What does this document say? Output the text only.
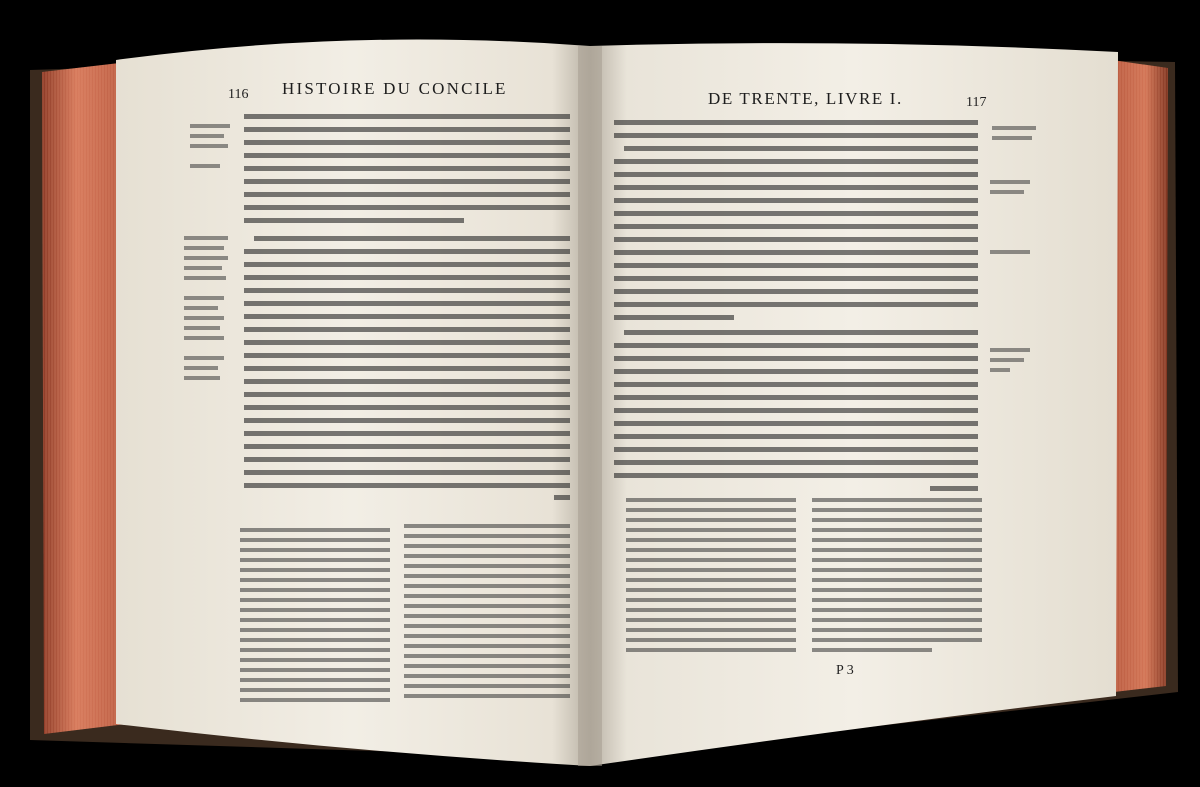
116 HISTOIRE DU CONCILE
DE TRENTE, LIVRE I.	117
P 3
